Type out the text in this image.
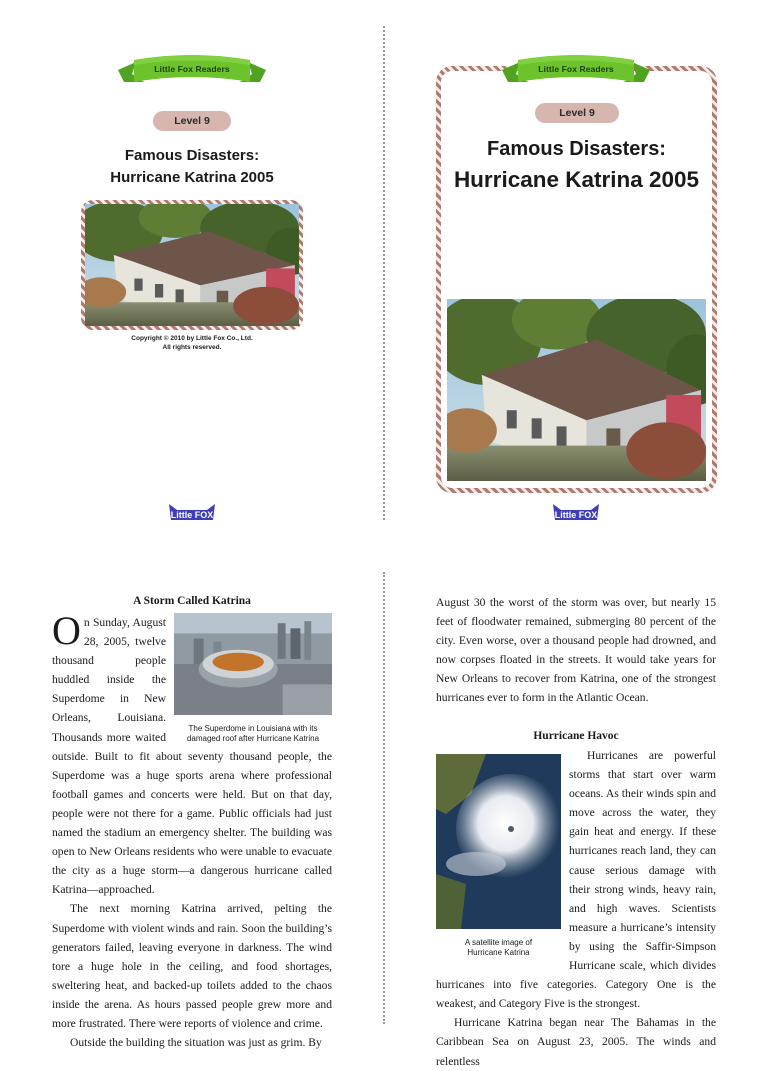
Little Fox Readers
Level 9
Famous Disasters:
Hurricane Katrina 2005
Copyright © 2010 by Little Fox Co., Ltd.
All rights reserved.
Little FOX
Little Fox Readers
Level 9
Famous Disasters:
Hurricane Katrina 2005
Little FOX
A Storm Called Katrina
The Superdome in Louisiana with its damaged roof after Hurricane Katrina

On Sunday, August 28, 2005, twelve thousand people huddled inside the Superdome in New Orleans, Louisiana. Thousands more waited outside. Built to fit about seventy thousand people, the Superdome was a huge sports arena where professional football games and concerts were held. But on that day, people were not there for a game. Public officials had just named the stadium an emergency shelter. The building was open to New Orleans residents who were unable to evacuate the city as a huge storm—a dangerous hurricane called Katrina—approached.

The next morning Katrina arrived, pelting the Superdome with violent winds and rain. Soon the building’s generators failed, leaving everyone in darkness. The wind tore a huge hole in the ceiling, and food shortages, sweltering heat, and backed-up toilets added to the chaos inside the arena. As hours passed people grew more and more frustrated. There were reports of violence and crime.

Outside the building the situation was just as grim. By

August 30 the worst of the storm was over, but nearly 15 feet of floodwater remained, submerging 80 percent of the city. Even worse, over a thousand people had drowned, and now corpses floated in the streets. It would take years for New Orleans to recover from Katrina, one of the strongest hurricanes ever to form in the Atlantic Ocean.

Hurricane Havoc
A satellite image of Hurricane Katrina

Hurricanes are powerful storms that start over warm oceans. As their winds spin and move across the water, they gain heat and energy. If these hurricanes reach land, they can cause serious damage with their strong winds, heavy rain, and high waves. Scientists measure a hurricane’s intensity by using the Saffir-Simpson Hurricane scale, which divides hurricanes into five categories. Category One is the weakest, and Category Five is the strongest.

Hurricane Katrina began near The Bahamas in the Caribbean Sea on August 23, 2005. The winds and relentless
